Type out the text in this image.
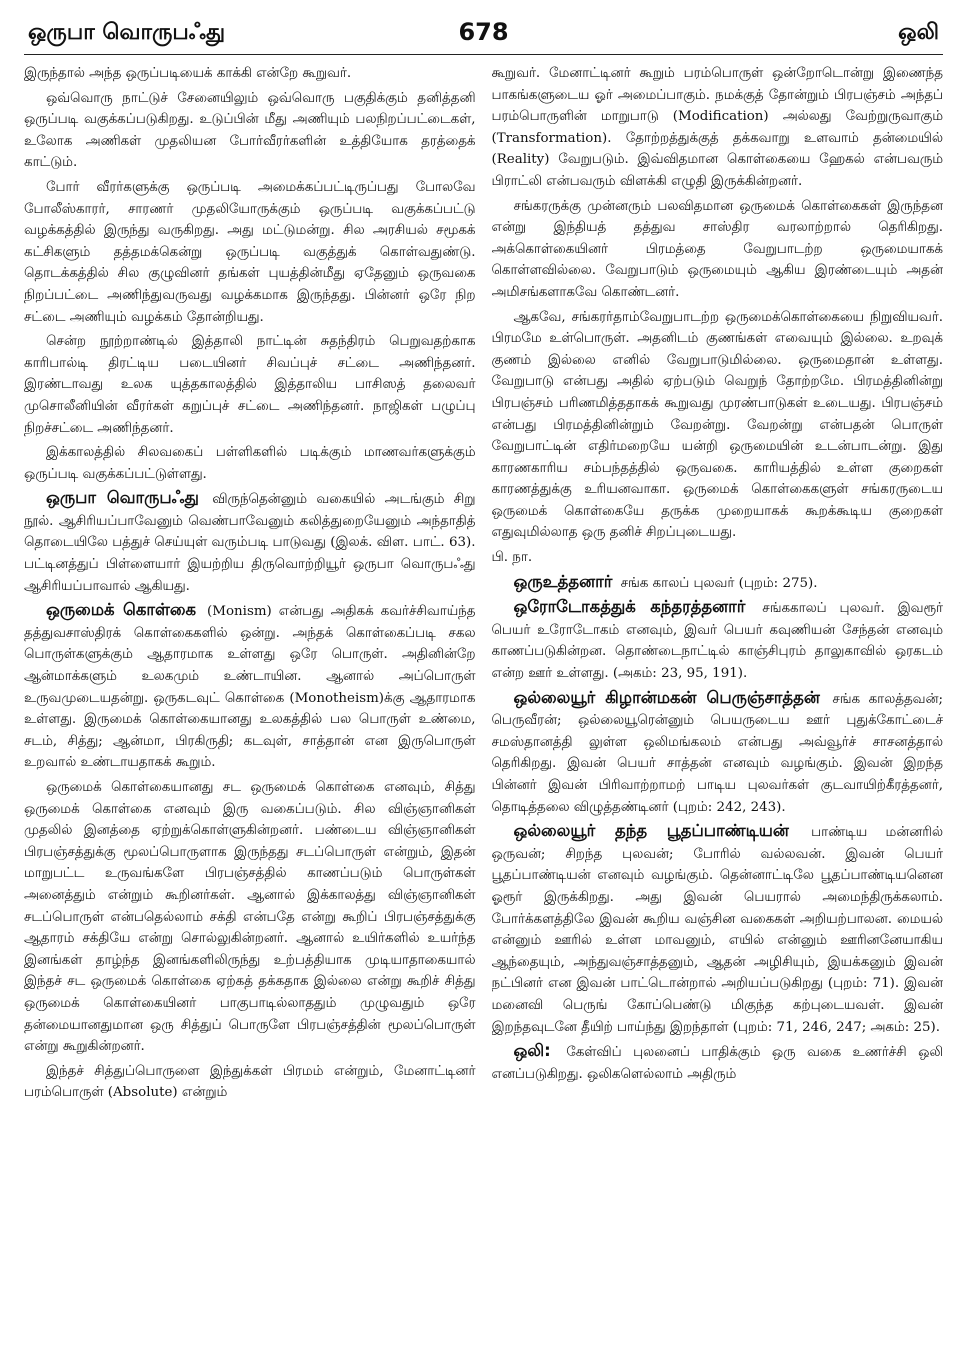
ஒருபா வொருபஃது	678	ஒலி

இருந்தால் அந்த ஒருப்படியைக் காக்கி என்றே கூறுவர்.

ஒவ்வொரு நாட்டுச் சேனையிலும் ஒவ்வொரு பகுதிக்கும் தனித்தனி ஒருப்படி வகுக்கப்படுகிறது. உடுப்பின் மீது அணியும் பலநிறப்பட்டைகள், உலோக அணிகள் முதலியன போர்வீரர்களின் உத்தியோக தரத்தைக் காட்டும்.

போர் வீரர்களுக்கு ஒருப்படி அமைக்கப்பட்டிருப்பது போலவே போலீஸ்காரர், சாரணர் முதலியோருக்கும் ஒருப்படி வகுக்கப்பட்டு வழக்கத்தில் இருந்து வருகிறது. அது மட்டுமன்று. சில அரசியல் சமூகக் கட்சிகளும் தத்தமக்கென்று ஒருப்படி வகுத்துக் கொள்வதுண்டு. தொடக்கத்தில் சில குழுவினர் தங்கள் புயத்தின்மீது ஏதேனும் ஒருவகை நிறப்பட்டை அணிந்துவருவது வழக்கமாக இருந்தது. பின்னர் ஒரே நிற சட்டை அணியும் வழக்கம் தோன்றியது.

சென்ற நூற்றாண்டில் இத்தாலி நாட்டின் சுதந்திரம் பெறுவதற்காக காரிபால்டி திரட்டிய படையினர் சிவப்புச் சட்டை அணிந்தனர். இரண்டாவது உலக யுத்தகாலத்தில் இத்தாலிய பாசிஸத் தலைவர் முசொலீனியின் வீரர்கள் கறுப்புச் சட்டை அணிந்தனர். நாஜிகள் பழுப்பு நிறச்சட்டை அணிந்தனர்.

இக்காலத்தில் சிலவகைப் பள்ளிகளில் படிக்கும் மாணவர்களுக்கும் ஒருப்படி வகுக்கப்பட்டுள்ளது.

ஒருபா வொருபஃது விருந்தென்னும் வகையில் அடங்கும் சிறு நூல். ஆசிரியப்பாவேனும் வெண்பாவேனும் கலித்துறையேனும் அந்தாதித் தொடையிலே பத்துச் செய்யுள் வரும்படி பாடுவது (இலக். விள. பாட். 63). பட்டினத்துப் பிள்ளையார் இயற்றிய திருவொற்றியூர் ஒருபா வொருபஃது ஆசிரியப்பாவால் ஆகியது.

ஒருமைக் கொள்கை (Monism) என்பது அதிகக் கவர்ச்சிவாய்ந்த தத்துவசாஸ்திரக் கொள்கைகளில் ஒன்று. அந்தக் கொள்கைப்படி சகல பொருள்களுக்கும் ஆதாரமாக உள்ளது ஒரே பொருள். அதினின்றே ஆன்மாக்களும் உலகமும் உண்டாயின. ஆனால் அப்பொருள் உருவமுடையதன்று. ஒருகடவுட் கொள்கை (Monotheism)க்கு ஆதாரமாக உள்ளது. இருமைக் கொள்கையானது உலகத்தில் பல பொருள் உண்மை, சடம், சித்து; ஆன்மா, பிரகிருதி; கடவுள், சாத்தான் என இருபொருள் உறவால் உண்டாயதாகக் கூறும்.

ஒருமைக் கொள்கையானது சட ஒருமைக் கொள்கை எனவும், சித்து ஒருமைக் கொள்கை எனவும் இரு வகைப்படும். சில விஞ்ஞானிகள் முதலில் இனத்தை ஏற்றுக்கொள்ளுகின்றனர். பண்டைய விஞ்ஞானிகள் பிரபஞ்சத்துக்கு மூலப்பொருளாக இருந்தது சடப்பொருள் என்றும், இதன் மாறுபட்ட உருவங்களே பிரபஞ்சத்தில் காணப்படும் பொருள்கள் அனைத்தும் என்றும் கூறினர்கள். ஆனால் இக்காலத்து விஞ்ஞானிகள் சடப்பொருள் என்பதெல்லாம் சக்தி என்பதே என்று கூறிப் பிரபஞ்சத்துக்கு ஆதாரம் சக்தியே என்று சொல்லுகின்றனர். ஆனால் உயிர்களில் உயர்ந்த இனங்கள் தாழ்ந்த இனங்களிலிருந்து உற்பத்தியாக முடியாதாகையால் இந்தச் சட ஒருமைக் கொள்கை ஏற்கத் தக்கதாக இல்லை என்று கூறிச் சித்து ஒருமைக் கொள்கையினர் பாகுபாடில்லாததும் முழுவதும் ஒரே தன்மையானதுமான ஒரு சித்துப் பொருளே பிரபஞ்சத்தின் மூலப்பொருள் என்று கூறுகின்றனர்.

இந்தச் சித்துப்பொருளை இந்துக்கள் பிரமம் என்றும், மேனாட்டினர் பரம்பொருள் (Absolute) என்றும்

கூறுவர். மேனாட்டினர் கூறும் பரம்பொருள் ஒன்றோடொன்று இணைந்த பாகங்களுடைய ஓர் அமைப்பாகும். நமக்குத் தோன்றும் பிரபஞ்சம் அந்தப் பரம்பொருளின் மாறுபாடு (Modification) அல்லது வேற்றுருவாகும் (Transformation). தோற்றத்துக்குத் தக்கவாறு உளவாம் தன்மையில் (Reality) வேறுபடும். இவ்விதமான கொள்கையை ஹேகல் என்பவரும் பிராட்லி என்பவரும் விளக்கி எழுதி இருக்கின்றனர்.

சங்கரருக்கு முன்னரும் பலவிதமான ஒருமைக் கொள்கைகள் இருந்தன என்று இந்தியத் தத்துவ சாஸ்திர வரலாற்றால் தெரிகிறது. அக்கொள்கையினர் பிரமத்தை வேறுபாடற்ற ஒருமையாகக் கொள்ளவில்லை. வேறுபாடும் ஒருமையும் ஆகிய இரண்டையும் அதன் அமிசங்களாகவே கொண்டனர்.

ஆகவே, சங்கரர்தாம்வேறுபாடற்ற ஒருமைக்கொள்கையை நிறுவியவர். பிரமமே உள்பொருள். அதனிடம் குணங்கள் எவையும் இல்லை. உறவுக் குணம் இல்லை எனில் வேறுபாடுமில்லை. ஒருமைதான் உள்ளது. வேறுபாடு என்பது அதில் ஏற்படும் வெறுந் தோற்றமே. பிரமத்தினின்று பிரபஞ்சம் பரிணமித்ததாகக் கூறுவது முரண்பாடுகள் உடையது. பிரபஞ்சம் என்பது பிரமத்தினின்றும் வேறன்று. வேறன்று என்பதன் பொருள் வேறுபாட்டின் எதிர்மறையே யன்றி ஒருமையின் உடன்பாடன்று. இது காரணகாரிய சம்பந்தத்தில் ஒருவகை. காரியத்தில் உள்ள குறைகள் காரணத்துக்கு உரியனவாகா. ஒருமைக் கொள்கைகளுள் சங்கரருடைய ஒருமைக் கொள்கையே தருக்க முறையாகக் கூறக்கூடிய குறைகள் எதுவுமில்லாத ஒரு தனிச் சிறப்புடையது.

பி. நா.

ஒருஉத்தனார் சங்க காலப் புலவர் (புறம்: 275).

ஒரோடோகத்துக் கந்தரத்தனார் சங்ககாலப் புலவர். இவரூர் பெயர் உரோடோகம் எனவும், இவர் பெயர் கவுணியன் சேந்தன் எனவும் காணப்படுகின்றன. தொண்டைநாட்டில் காஞ்சிபுரம் தாலுகாவில் ஒரகடம் என்ற ஊர் உள்ளது. (அகம்: 23, 95, 191).

ஒல்லையூர் கிழான்மகன் பெருஞ்சாத்தன் சங்க காலத்தவன்; பெருவீரன்; ஒல்லையூரென்னும் பெயருடைய ஊர் புதுக்கோட்டைச் சமஸ்தானத்தி லுள்ள ஒலிமங்கலம் என்பது அவ்வூர்ச் சாசனத்தால் தெரிகிறது. இவன் பெயர் சாத்தன் எனவும் வழங்கும். இவன் இறந்த பின்னர் இவன் பிரிவாற்றாமற் பாடிய புலவர்கள் குடவாயிற்கீரத்தனர், தொடித்தலை விழுத்தண்டினர் (புறம்: 242, 243).

ஒல்லையூர் தந்த பூதப்பாண்டியன் பாண்டிய மன்னரில் ஒருவன்; சிறந்த புலவன்; போரில் வல்லவன். இவன் பெயர் பூதப்பாண்டியன் எனவும் வழங்கும். தென்னாட்டிலே பூதப்பாண்டியனென ஓரூர் இருக்கிறது. அது இவன் பெயரால் அமைந்திருக்கலாம். போர்க்களத்திலே இவன் கூறிய வஞ்சின வகைகள் அறியற்பாலன. மையல் என்னும் ஊரில் உள்ள மாவனும், எயில் என்னும் ஊரினனேயாகிய ஆந்தையும், அந்துவஞ்சாத்தனும், ஆதன் அழிசியும், இயக்கனும் இவன் நட்பினர் என இவன் பாட்டொன்றால் அறியப்படுகிறது (புறம்: 71). இவன் மனைவி பெருங் கோப்பெண்டு மிகுந்த கற்புடையவள். இவன் இறந்தவுடனே தீயிற் பாய்ந்து இறந்தாள் (புறம்: 71, 246, 247; அகம்: 25).

ஒலி: கேள்விப் புலனைப் பாதிக்கும் ஒரு வகை உணர்ச்சி ஒலி எனப்படுகிறது. ஒலிகளெல்லாம் அதிரும்
